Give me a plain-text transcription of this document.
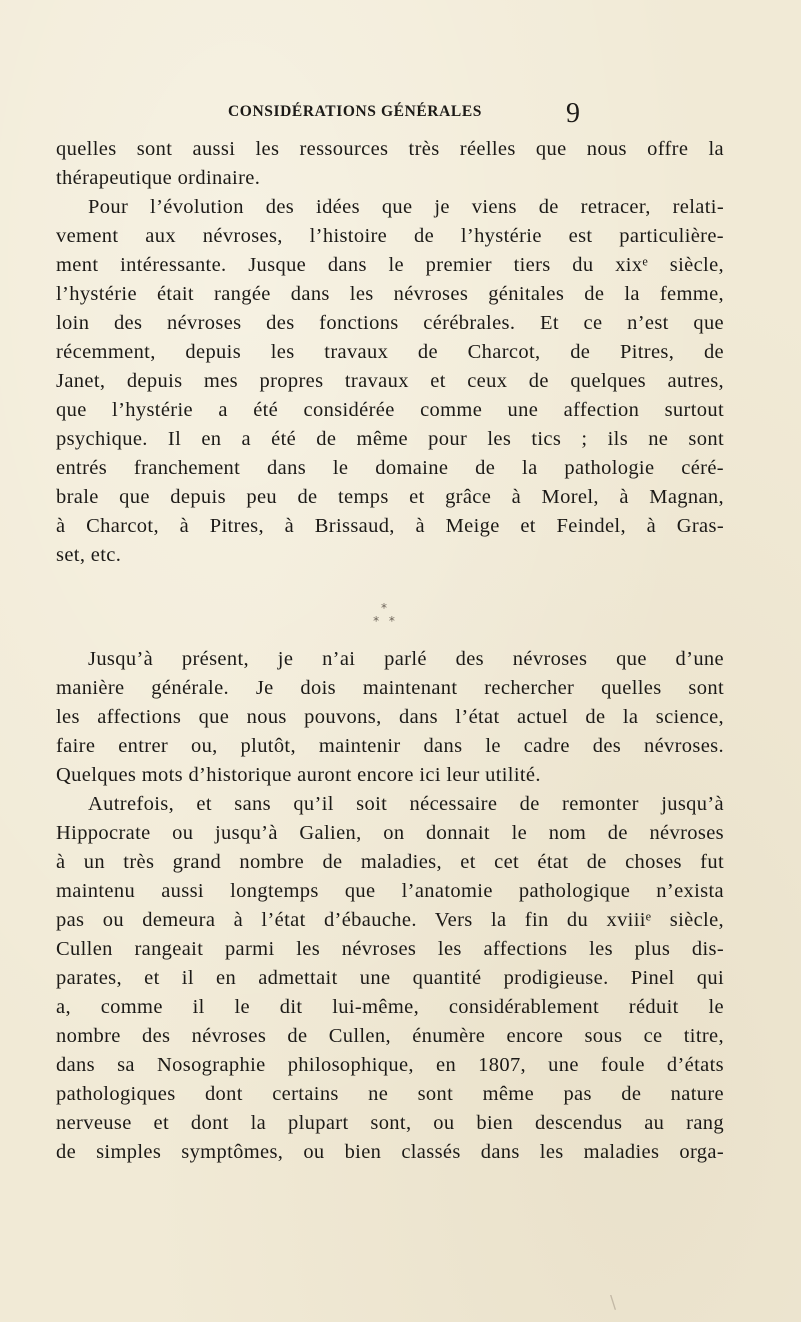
CONSIDÉRATIONS GÉNÉRALES	9
quelles sont aussi les ressources très réelles que nous offre la
thérapeutique ordinaire.
Pour l’évolution des idées que je viens de retracer, relati-
vement aux névroses, l’histoire de l’hystérie est particulière-
ment intéressante. Jusque dans le premier tiers du xixᵉ siècle,
l’hystérie était rangée dans les névroses génitales de la femme,
loin des névroses des fonctions cérébrales. Et ce n’est que
récemment, depuis les travaux de Charcot, de Pitres, de
Janet, depuis mes propres travaux et ceux de quelques autres,
que l’hystérie a été considérée comme une affection surtout
psychique. Il en a été de même pour les tics ; ils ne sont
entrés franchement dans le domaine de la pathologie céré-
brale que depuis peu de temps et grâce à Morel, à Magnan,
à Charcot, à Pitres, à Brissaud, à Meige et Feindel, à Gras-
set, etc.
*
* *
Jusqu’à présent, je n’ai parlé des névroses que d’une
manière générale. Je dois maintenant rechercher quelles sont
les affections que nous pouvons, dans l’état actuel de la science,
faire entrer ou, plutôt, maintenir dans le cadre des névroses.
Quelques mots d’historique auront encore ici leur utilité.
Autrefois, et sans qu’il soit nécessaire de remonter jusqu’à
Hippocrate ou jusqu’à Galien, on donnait le nom de névroses
à un très grand nombre de maladies, et cet état de choses fut
maintenu aussi longtemps que l’anatomie pathologique n’exista
pas ou demeura à l’état d’ébauche. Vers la fin du xviiiᵉ siècle,
Cullen rangeait parmi les névroses les affections les plus dis-
parates, et il en admettait une quantité prodigieuse. Pinel qui
a, comme il le dit lui-même, considérablement réduit le
nombre des névroses de Cullen, énumère encore sous ce titre,
dans sa Nosographie philosophique, en 1807, une foule d’états
pathologiques dont certains ne sont même pas de nature
nerveuse et dont la plupart sont, ou bien descendus au rang
de simples symptômes, ou bien classés dans les maladies orga-
\
